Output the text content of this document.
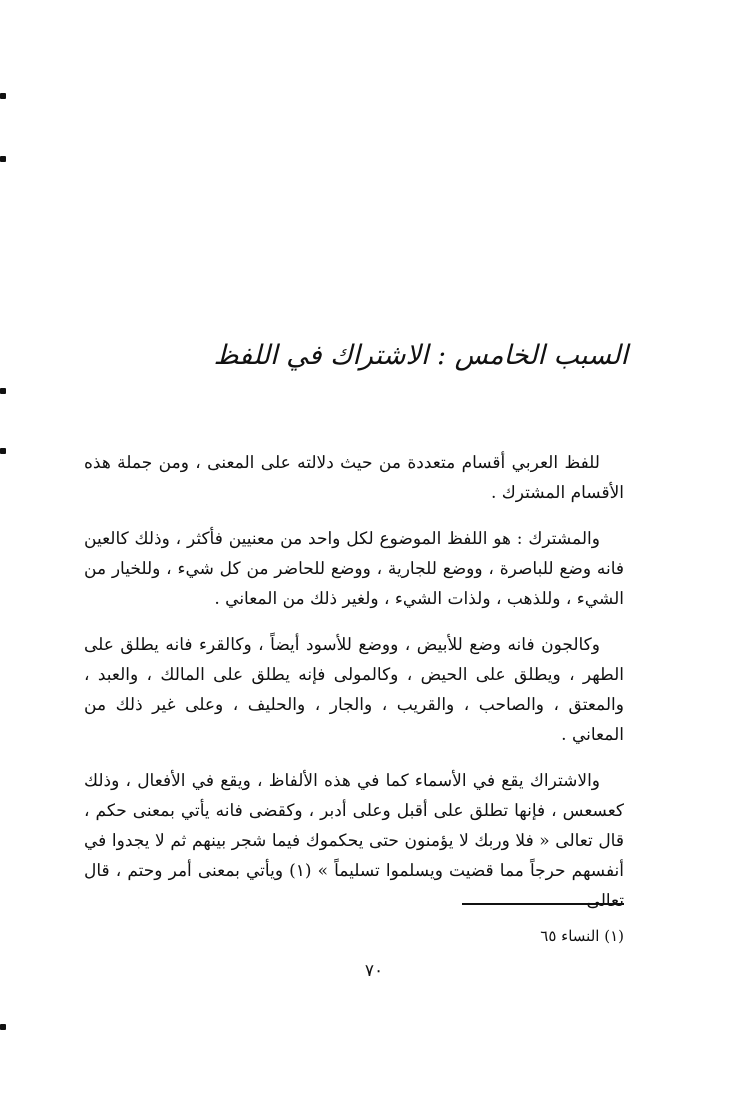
السبب الخامس : الاشتراك في اللفظ

للفظ العربي أقسام متعددة من حيث دلالته على المعنى ، ومن جملة هذه الأقسام المشترك .

والمشترك : هو اللفظ الموضوع لكل واحد من معنيين فأكثر ، وذلك كالعين فانه وضع للباصرة ، ووضع للجارية ، ووضع للحاضر من كل شيء ، وللخيار من الشيء ، وللذهب ، ولذات الشيء ، ولغير ذلك من المعاني .

وكالجون فانه وضع للأبيض ، ووضع للأسود أيضاً ، وكالقرء فانه يطلق على الطهر ، ويطلق على الحيض ، وكالمولى فإنه يطلق على المالك ، والعبد ، والمعتق ، والصاحب ، والقريب ، والجار ، والحليف ، وعلى غير ذلك من المعاني .

والاشتراك يقع في الأسماء كما في هذه الألفاظ ، ويقع في الأفعال ، وذلك كعسعس ، فإنها تطلق على أقبل وعلى أدبر ، وكقضى فانه يأتي بمعنى حكم ، قال تعالى « فلا وربك لا يؤمنون حتى يحكموك فيما شجر بينهم ثم لا يجدوا في أنفسهم حرجاً مما قضيت ويسلموا تسليماً » (١) ويأتي بمعنى أمر وحتم ، قال تعالى

(١) النساء ٦٥
٧٠
